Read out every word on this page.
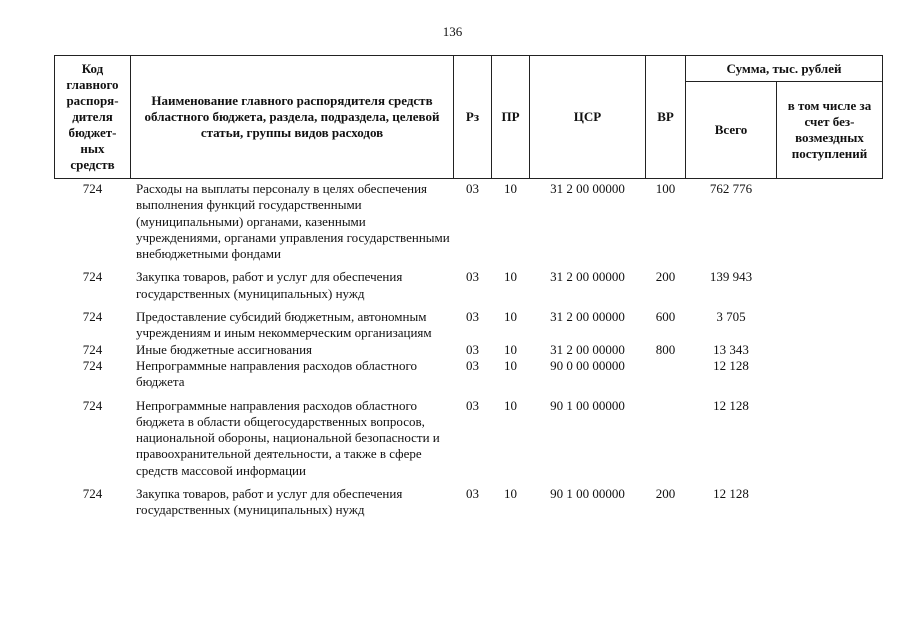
136
Код главного распоря-дителя бюджет-ных средств	Наименование главного распорядителя средств областного бюджета, раздела, подраздела, целевой статьи, группы видов расходов	Рз	ПР	ЦСР	ВР	Сумма, тыс. рублей	
						Всего	в том числе за счет без-возмездных поступлений
724	Расходы на выплаты персоналу в целях обеспечения выполнения функций государственными (муниципальными) органами, казенными учреждениями, органами управления государственными внебюджетными фондами	03	10	31 2 00 00000	100	762 776	
724	Закупка товаров, работ и услуг для обеспечения государственных (муниципальных) нужд	03	10	31 2 00 00000	200	139 943	
724	Предоставление субсидий бюджетным, автономным учреждениям и иным некоммерческим организациям	03	10	31 2 00 00000	600	3 705	
724	Иные бюджетные ассигнования	03	10	31 2 00 00000	800	13 343	
724	Непрограммные направления расходов областного бюджета	03	10	90 0 00 00000		12 128	
724	Непрограммные направления расходов областного бюджета в области общегосударственных вопросов, национальной обороны, национальной безопасности и правоохранительной деятельности, а также в сфере средств массовой информации	03	10	90 1 00 00000		12 128	
724	Закупка товаров, работ и услуг для обеспечения государственных (муниципальных) нужд	03	10	90 1 00 00000	200	12 128	
